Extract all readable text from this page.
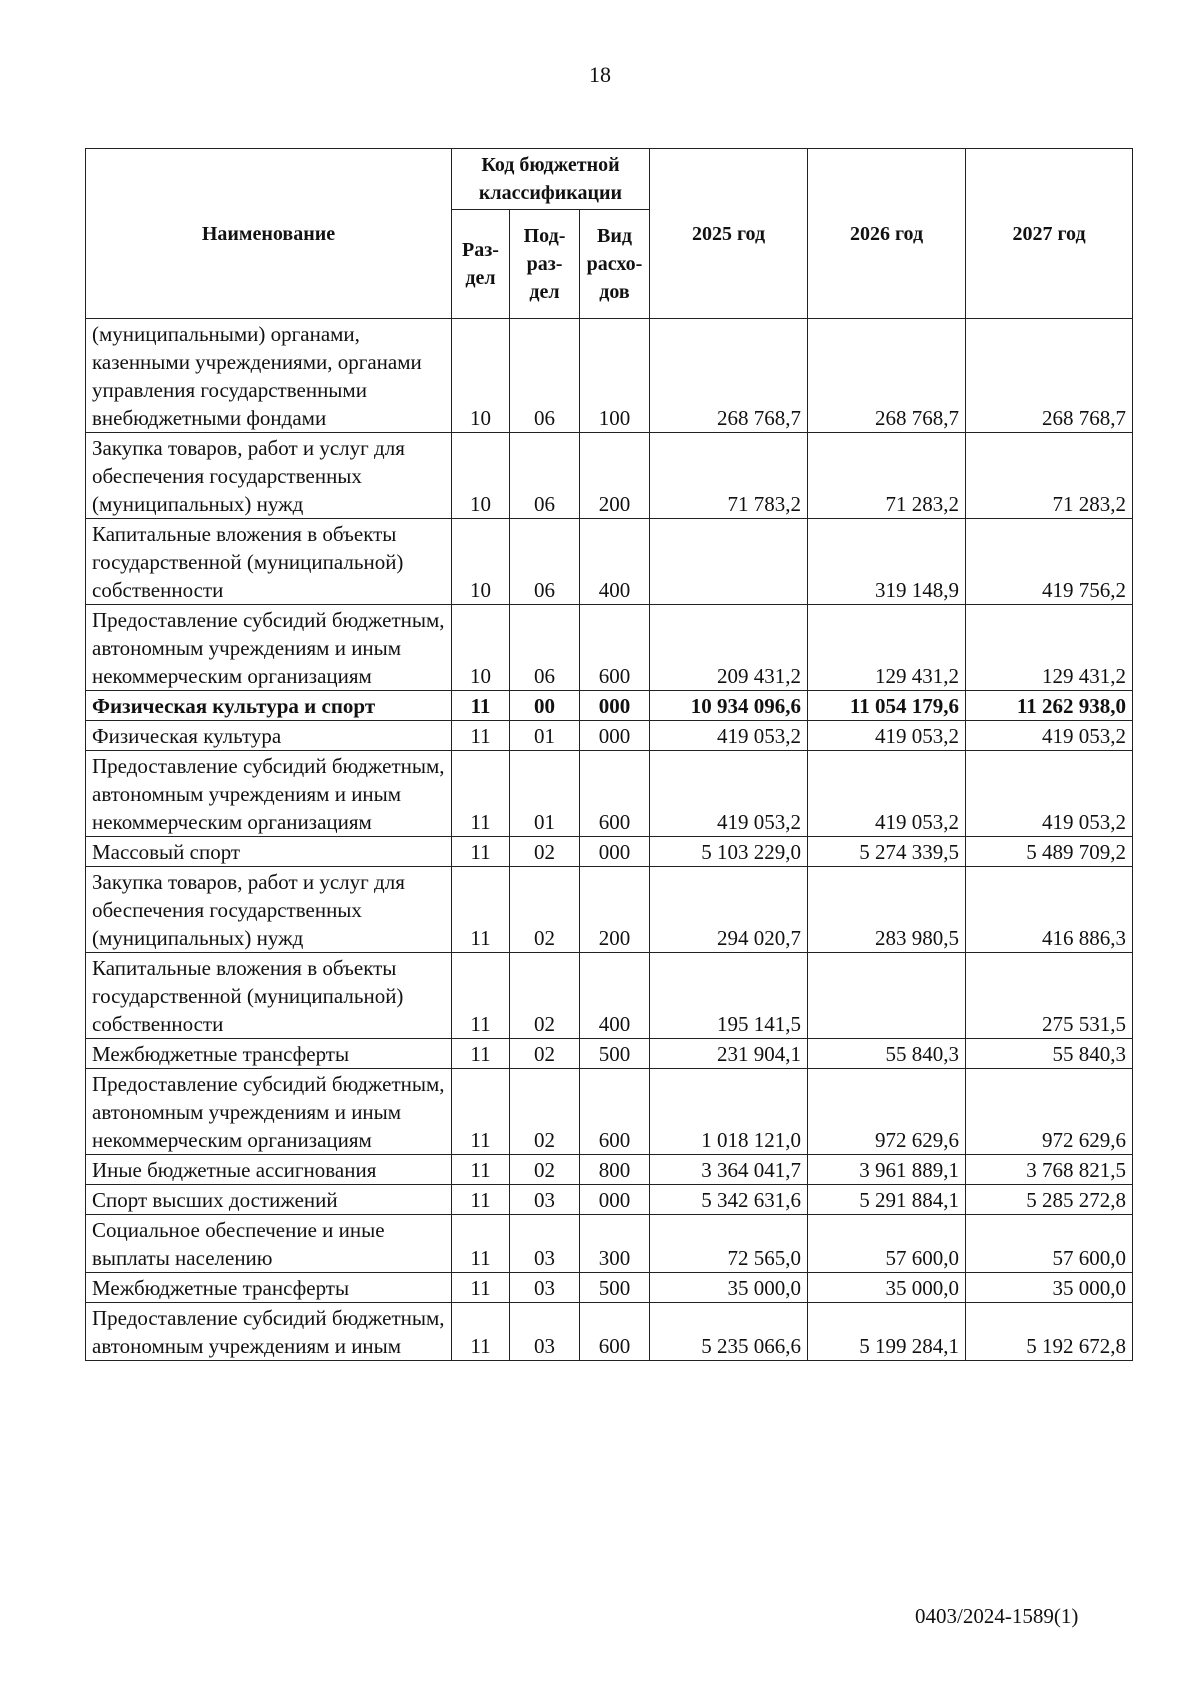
18
Наименование	Код бюджетной классификации			2025 год	2026 год	2027 год
	Раз-дел	Под-раз-дел	Вид расхо-дов			
(муниципальными) органами, казенными учреждениями, органами управления государственными внебюджетными фондами	10	06	100	268 768,7	268 768,7	268 768,7
Закупка товаров, работ и услуг для обеспечения государственных (муниципальных) нужд	10	06	200	71 783,2	71 283,2	71 283,2
Капитальные вложения в объекты государственной (муниципальной) собственности	10	06	400		319 148,9	419 756,2
Предоставление субсидий бюджетным, автономным учреждениям и иным некоммерческим организациям	10	06	600	209 431,2	129 431,2	129 431,2
Физическая культура и спорт	11	00	000	10 934 096,6	11 054 179,6	11 262 938,0
Физическая культура	11	01	000	419 053,2	419 053,2	419 053,2
Предоставление субсидий бюджетным, автономным учреждениям и иным некоммерческим организациям	11	01	600	419 053,2	419 053,2	419 053,2
Массовый спорт	11	02	000	5 103 229,0	5 274 339,5	5 489 709,2
Закупка товаров, работ и услуг для обеспечения государственных (муниципальных) нужд	11	02	200	294 020,7	283 980,5	416 886,3
Капитальные вложения в объекты государственной (муниципальной) собственности	11	02	400	195 141,5		275 531,5
Межбюджетные трансферты	11	02	500	231 904,1	55 840,3	55 840,3
Предоставление субсидий бюджетным, автономным учреждениям и иным некоммерческим организациям	11	02	600	1 018 121,0	972 629,6	972 629,6
Иные бюджетные ассигнования	11	02	800	3 364 041,7	3 961 889,1	3 768 821,5
Спорт высших достижений	11	03	000	5 342 631,6	5 291 884,1	5 285 272,8
Социальное обеспечение и иные выплаты населению	11	03	300	72 565,0	57 600,0	57 600,0
Межбюджетные трансферты	11	03	500	35 000,0	35 000,0	35 000,0
Предоставление субсидий бюджетным, автономным учреждениям и иным	11	03	600	5 235 066,6	5 199 284,1	5 192 672,8
0403/2024-1589(1)
